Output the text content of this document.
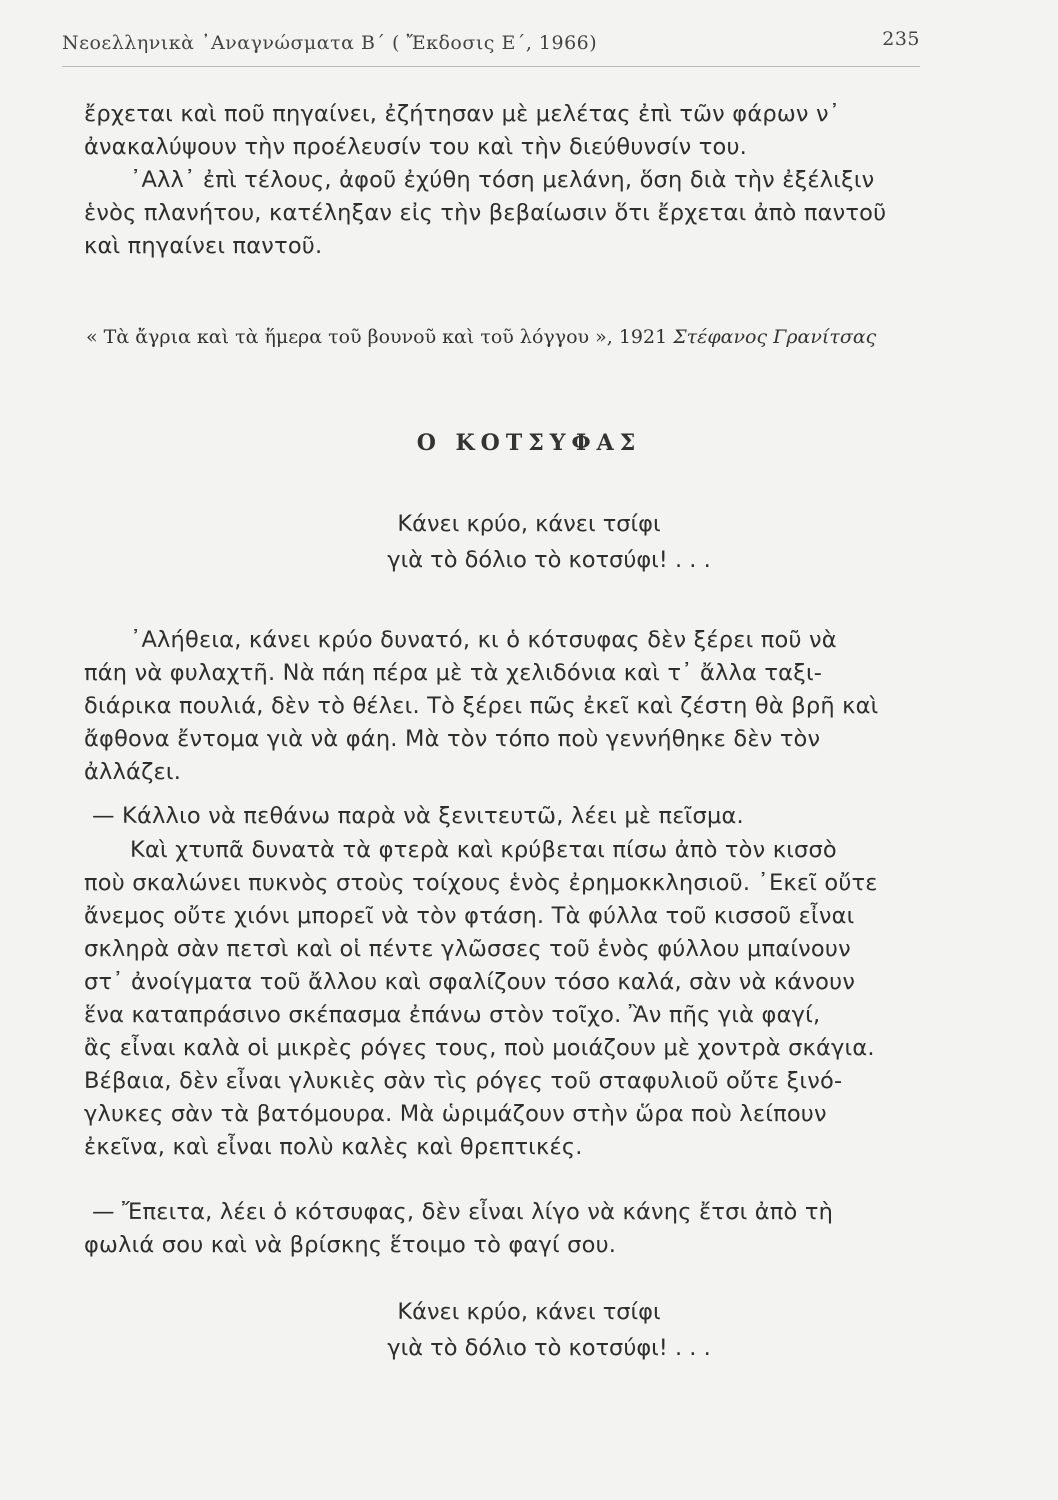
Νεοελληνικὰ ᾿Αναγνώσματα Β΄ ( Ἔκδοσις Ε΄, 1966)	235

ἔρχεται καὶ ποῦ πηγαίνει, ἐζήτησαν μὲ μελέτας ἐπὶ τῶν φάρων ν᾿
ἀνακαλύψουν τὴν προέλευσίν του καὶ τὴν διεύθυνσίν του.

᾿Αλλ᾿ ἐπὶ τέλους, ἀφοῦ ἐχύθη τόση μελάνη, ὅση διὰ τὴν ἐξέλιξιν
ἑνὸς πλανήτου, κατέληξαν εἰς τὴν βεβαίωσιν ὅτι ἔρχεται ἀπὸ παντοῦ
καὶ πηγαίνει παντοῦ.

« Τὰ ἄγρια καὶ τὰ ἥμερα τοῦ βουνοῦ καὶ τοῦ λόγγου », 1921 Στέφανος Γρανίτσας
Ο ΚΟΤΣΥΦΑΣ
Κάνει κρύο, κάνει τσίφι
γιὰ τὸ δόλιο τὸ κοτσύφι! . . .

᾿Αλήθεια, κάνει κρύο δυνατό, κι ὁ κότσυφας δὲν ξέρει ποῦ νὰ
πάη νὰ φυλαχτῆ. Νὰ πάη πέρα μὲ τὰ χελιδόνια καὶ τ᾿ ἄλλα ταξι-
διάρικα πουλιά, δὲν τὸ θέλει. Τὸ ξέρει πῶς ἐκεῖ καὶ ζέστη θὰ βρῆ καὶ
ἄφθονα ἔντομα γιὰ νὰ φάη. Μὰ τὸν τόπο ποὺ γεννήθηκε δὲν τὸν
ἀλλάζει.

— Κάλλιο νὰ πεθάνω παρὰ νὰ ξενιτευτῶ, λέει μὲ πεῖσμα.

Καὶ χτυπᾶ δυνατὰ τὰ φτερὰ καὶ κρύβεται πίσω ἀπὸ τὸν κισσὸ
ποὺ σκαλώνει πυκνὸς στοὺς τοίχους ἑνὸς ἐρημοκκλησιοῦ. ᾿Εκεῖ οὔτε
ἄνεμος οὔτε χιόνι μπορεῖ νὰ τὸν φτάση. Τὰ φύλλα τοῦ κισσοῦ εἶναι
σκληρὰ σὰν πετσὶ καὶ οἱ πέντε γλῶσσες τοῦ ἑνὸς φύλλου μπαίνουν
στ᾿ ἀνοίγματα τοῦ ἄλλου καὶ σφαλίζουν τόσο καλά, σὰν νὰ κάνουν
ἕνα καταπράσινο σκέπασμα ἐπάνω στὸν τοῖχο. Ἂν πῆς γιὰ φαγί,
ἂς εἶναι καλὰ οἱ μικρὲς ρόγες τους, ποὺ μοιάζουν μὲ χοντρὰ σκάγια.
Βέβαια, δὲν εἶναι γλυκιὲς σὰν τὶς ρόγες τοῦ σταφυλιοῦ οὔτε ξινό-
γλυκες σὰν τὰ βατόμουρα. Μὰ ὡριμάζουν στὴν ὥρα ποὺ λείπουν
ἐκεῖνα, καὶ εἶναι πολὺ καλὲς καὶ θρεπτικές.

— Ἔπειτα, λέει ὁ κότσυφας, δὲν εἶναι λίγο νὰ κάνης ἔτσι ἀπὸ τὴ
φωλιά σου καὶ νὰ βρίσκης ἕτοιμο τὸ φαγί σου.

Κάνει κρύο, κάνει τσίφι
γιὰ τὸ δόλιο τὸ κοτσύφι! . . .
